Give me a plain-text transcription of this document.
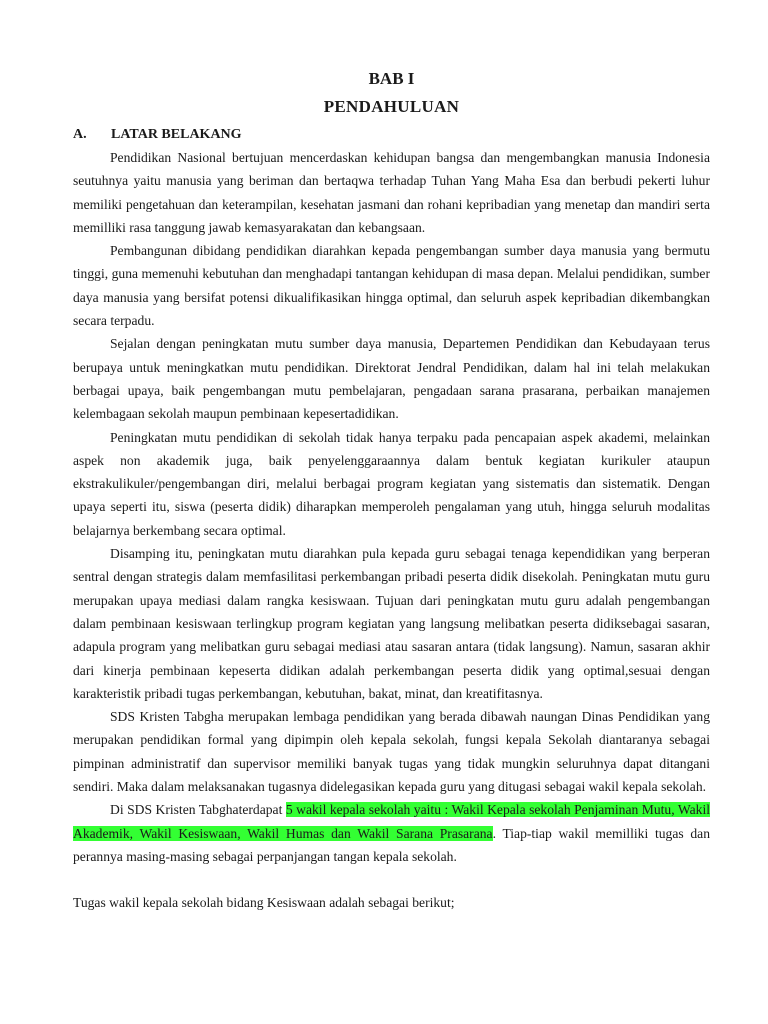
BAB I

PENDAHULUAN

A.	LATAR BELAKANG

Pendidikan Nasional bertujuan mencerdaskan kehidupan bangsa dan mengembangkan manusia Indonesia seutuhnya yaitu manusia yang beriman dan bertaqwa terhadap Tuhan Yang Maha Esa dan berbudi pekerti luhur memiliki pengetahuan dan keterampilan, kesehatan jasmani dan rohani kepribadian yang menetap dan mandiri serta memilliki rasa tanggung jawab kemasyarakatan dan kebangsaan.

Pembangunan dibidang pendidikan diarahkan kepada pengembangan sumber daya manusia yang bermutu tinggi, guna memenuhi kebutuhan dan menghadapi tantangan kehidupan di masa depan. Melalui pendidikan, sumber daya manusia yang bersifat potensi dikualifikasikan hingga optimal, dan seluruh aspek kepribadian dikembangkan secara terpadu.

Sejalan dengan peningkatan mutu sumber daya manusia, Departemen Pendidikan dan Kebudayaan terus berupaya untuk meningkatkan mutu pendidikan. Direktorat Jendral Pendidikan, dalam hal ini telah melakukan berbagai upaya, baik pengembangan mutu pembelajaran, pengadaan sarana prasarana, perbaikan manajemen kelembagaan sekolah maupun pembinaan kepesertadidikan.

Peningkatan mutu pendidikan di sekolah tidak hanya terpaku pada pencapaian aspek akademi, melainkan aspek non akademik juga, baik penyelenggaraannya dalam bentuk kegiatan kurikuler ataupun ekstrakulikuler/pengembangan diri, melalui berbagai program kegiatan yang sistematis dan sistematik. Dengan upaya seperti itu, siswa (peserta didik) diharapkan memperoleh pengalaman yang utuh, hingga seluruh modalitas belajarnya berkembang secara optimal.

Disamping itu, peningkatan mutu diarahkan pula kepada guru sebagai tenaga kependidikan yang berperan sentral dengan strategis dalam memfasilitasi perkembangan pribadi peserta didik disekolah. Peningkatan mutu guru merupakan upaya mediasi dalam rangka kesiswaan. Tujuan dari peningkatan mutu guru adalah pengembangan dalam pembinaan kesiswaan terlingkup program kegiatan yang langsung melibatkan peserta didiksebagai sasaran, adapula program yang melibatkan guru sebagai mediasi atau sasaran antara (tidak langsung). Namun, sasaran akhir dari kinerja pembinaan kepeserta didikan adalah perkembangan peserta didik yang optimal,sesuai dengan karakteristik pribadi tugas perkembangan, kebutuhan, bakat, minat, dan kreatifitasnya.

SDS Kristen Tabgha merupakan lembaga pendidikan yang berada dibawah naungan Dinas Pendidikan yang merupakan pendidikan formal yang dipimpin oleh kepala sekolah, fungsi kepala Sekolah diantaranya sebagai pimpinan administratif dan supervisor memiliki banyak tugas yang tidak mungkin seluruhnya dapat ditangani sendiri. Maka dalam melaksanakan tugasnya didelegasikan kepada guru yang ditugasi sebagai wakil kepala sekolah.

Di SDS Kristen Tabghaterdapat 5 wakil kepala sekolah yaitu : Wakil Kepala sekolah Penjaminan Mutu, Wakil Akademik, Wakil Kesiswaan, Wakil Humas dan Wakil Sarana Prasarana. Tiap-tiap wakil memilliki tugas dan perannya masing-masing sebagai perpanjangan tangan kepala sekolah.

Tugas wakil kepala sekolah bidang Kesiswaan adalah sebagai berikut;
